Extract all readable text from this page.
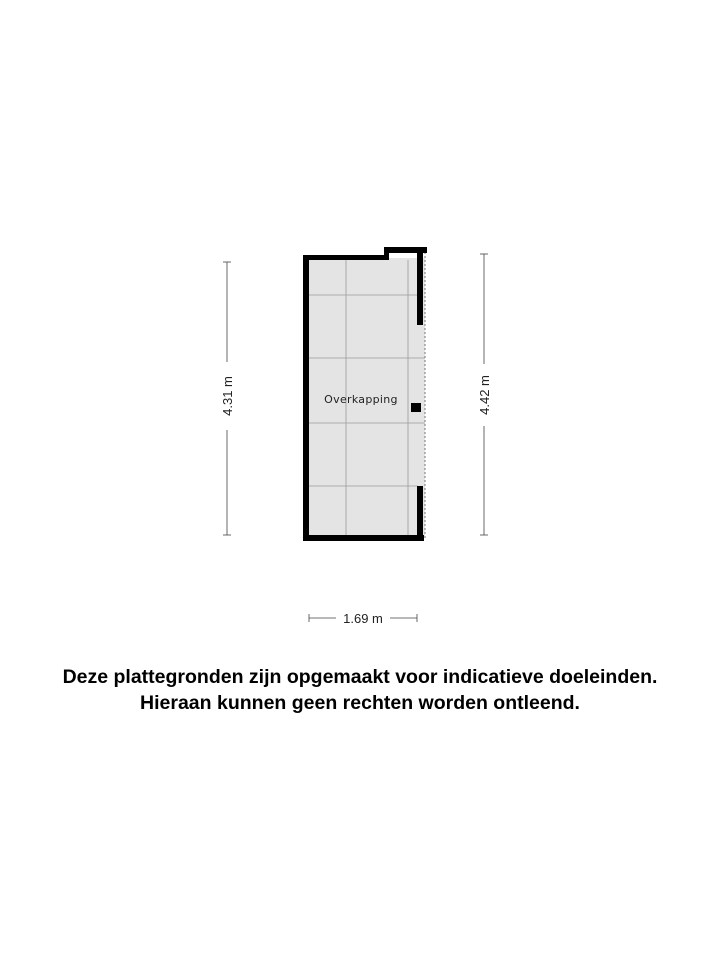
Overkapping
4.31 m	4.42 m
1.69 m
Deze plattegronden zijn opgemaakt voor indicatieve doeleinden.
Hieraan kunnen geen rechten worden ontleend.
